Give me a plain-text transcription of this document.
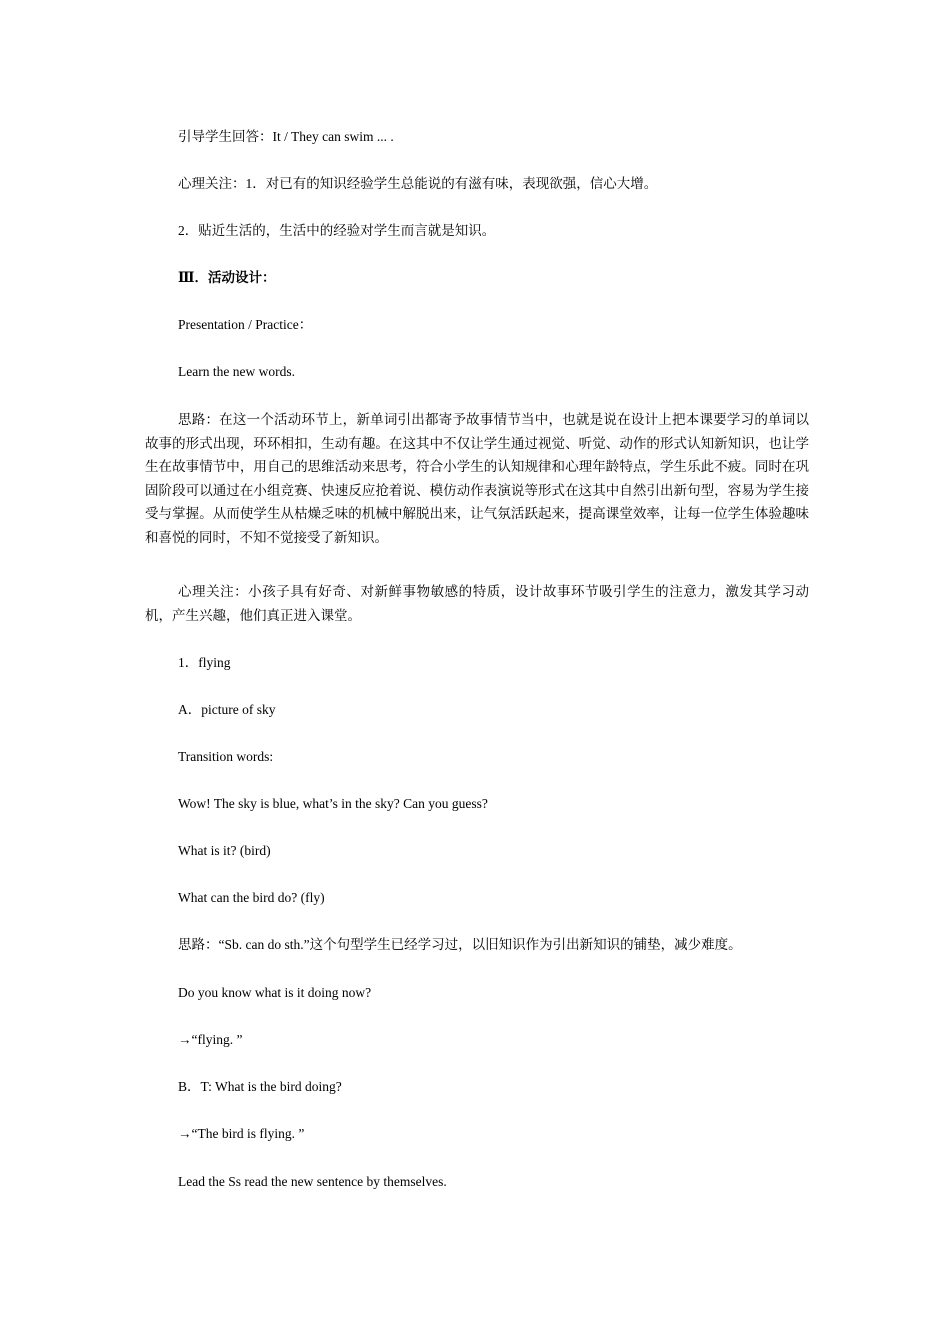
引导学生回答：It / They can swim ... .
心理关注：1．对已有的知识经验学生总能说的有滋有味，表现欲强，信心大增。
2．贴近生活的，生活中的经验对学生而言就是知识。
Ⅲ．活动设计：
Presentation / Practice：
Learn the new words.

思路：在这一个活动环节上，新单词引出都寄予故事情节当中，也就是说在设计上把本课要学习的单词以故事的形式出现，环环相扣，生动有趣。在这其中不仅让学生通过视觉、听觉、动作的形式认知新知识，也让学生在故事情节中，用自己的思维活动来思考，符合小学生的认知规律和心理年龄特点，学生乐此不疲。同时在巩固阶段可以通过在小组竞赛、快速反应抢着说、模仿动作表演说等形式在这其中自然引出新句型，容易为学生接受与掌握。从而使学生从枯燥乏味的机械中解脱出来，让气氛活跃起来，提高课堂效率，让每一位学生体验趣味和喜悦的同时，不知不觉接受了新知识。

心理关注：小孩子具有好奇、对新鲜事物敏感的特质，设计故事环节吸引学生的注意力，激发其学习动机，产生兴趣，他们真正进入课堂。

1．flying
A．picture of sky
Transition words:
Wow! The sky is blue, what’s in the sky? Can you guess?
What is it? (bird)
What can the bird do? (fly)
思路：“Sb. can do sth.”这个句型学生已经学习过，以旧知识作为引出新知识的铺垫，减少难度。
Do you know what is it doing now?
→“flying. ”
B．T: What is the bird doing?
→“The bird is flying. ”
Lead the Ss read the new sentence by themselves.
